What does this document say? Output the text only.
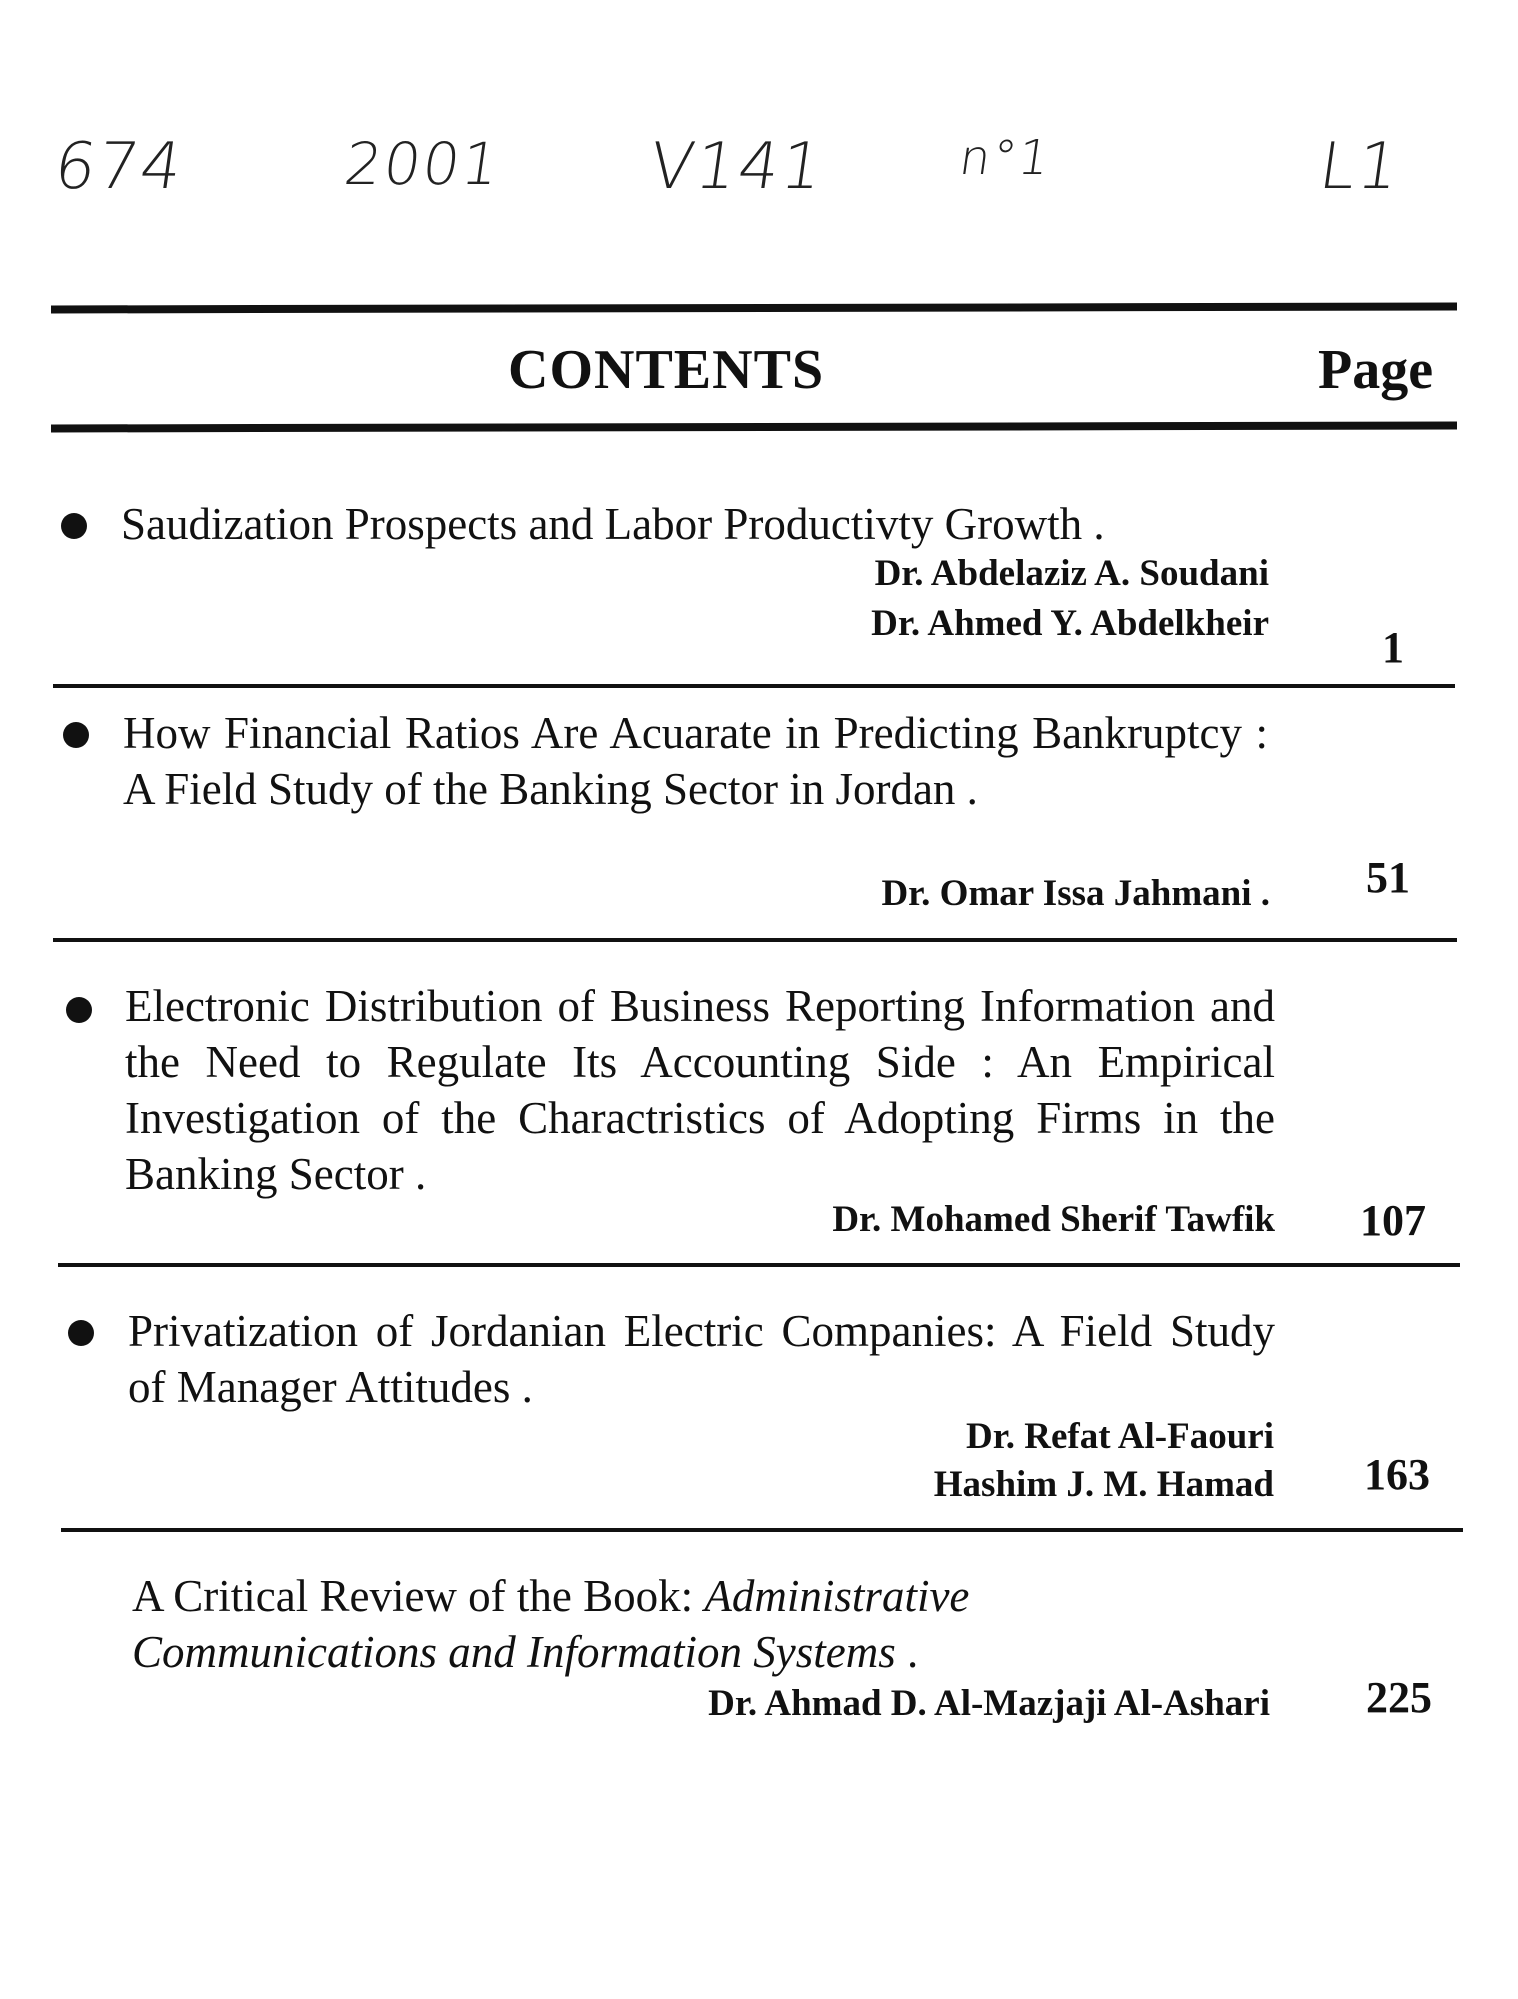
674	2001 V141	n°1	L1
CONTENTS	Page
Saudization Prospects and Labor Productivty Growth .
Dr. Abdelaziz A. Soudani
Dr. Ahmed Y. Abdelkheir	1
How Financial Ratios Are Acuarate in Predicting Bankruptcy : A Field Study of the Banking Sector in Jordan .
Dr. Omar Issa Jahmani . 51
Electronic Distribution of Business Reporting Information and the Need to Regulate Its Accounting Side : An Empirical Investigation of the Charactristics of Adopting Firms in the Banking Sector .
Dr. Mohamed Sherif Tawfik 107
Privatization of Jordanian Electric Companies: A Field Study of Manager Attitudes .
Dr. Refat Al-Faouri
Hashim J. M. Hamad 163
A Critical Review of the Book: Administrative Communications and Information Systems .
Dr. Ahmad D. Al-Mazjaji Al-Ashari 225
